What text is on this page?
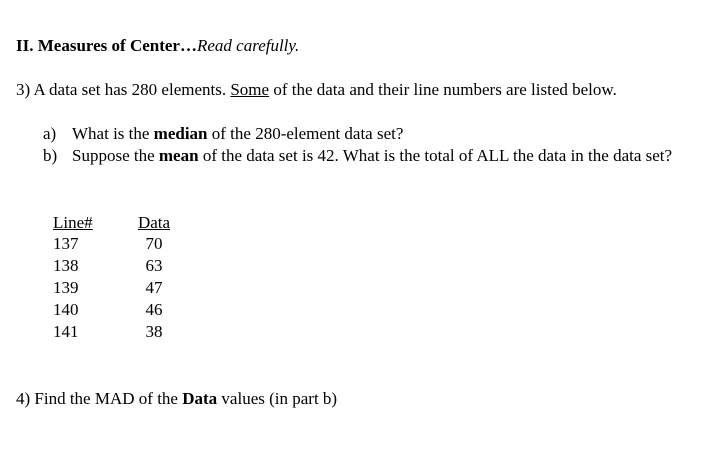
II. Measures of Center…Read carefully.
3) A data set has 280 elements. Some of the data and their line numbers are listed below.
a) What is the median of the 280-element data set?
b) Suppose the mean of the data set is 42. What is the total of ALL the data in the data set?
Line#
137
138
139
140
141
Data
70
63
47
46
38
4) Find the MAD of the Data values (in part b)
